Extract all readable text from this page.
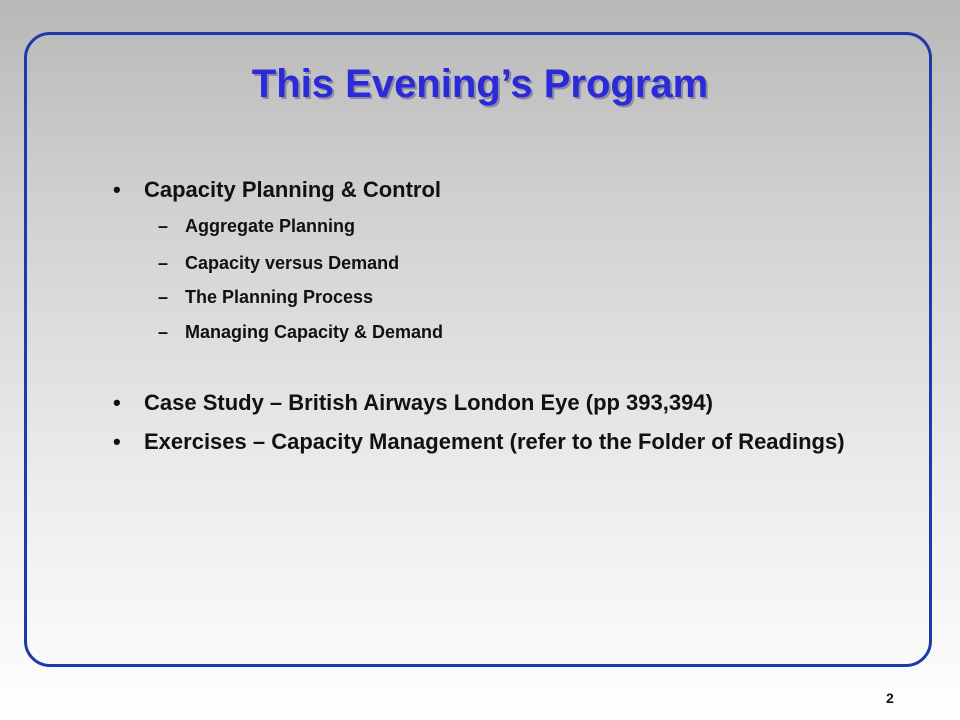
This Evening’s Program
• Capacity Planning & Control
– Aggregate Planning
– Capacity versus Demand
– The Planning Process
– Managing Capacity & Demand
• Case Study – British Airways London Eye (pp 393,394)
• Exercises – Capacity Management (refer to the Folder of Readings)
2
